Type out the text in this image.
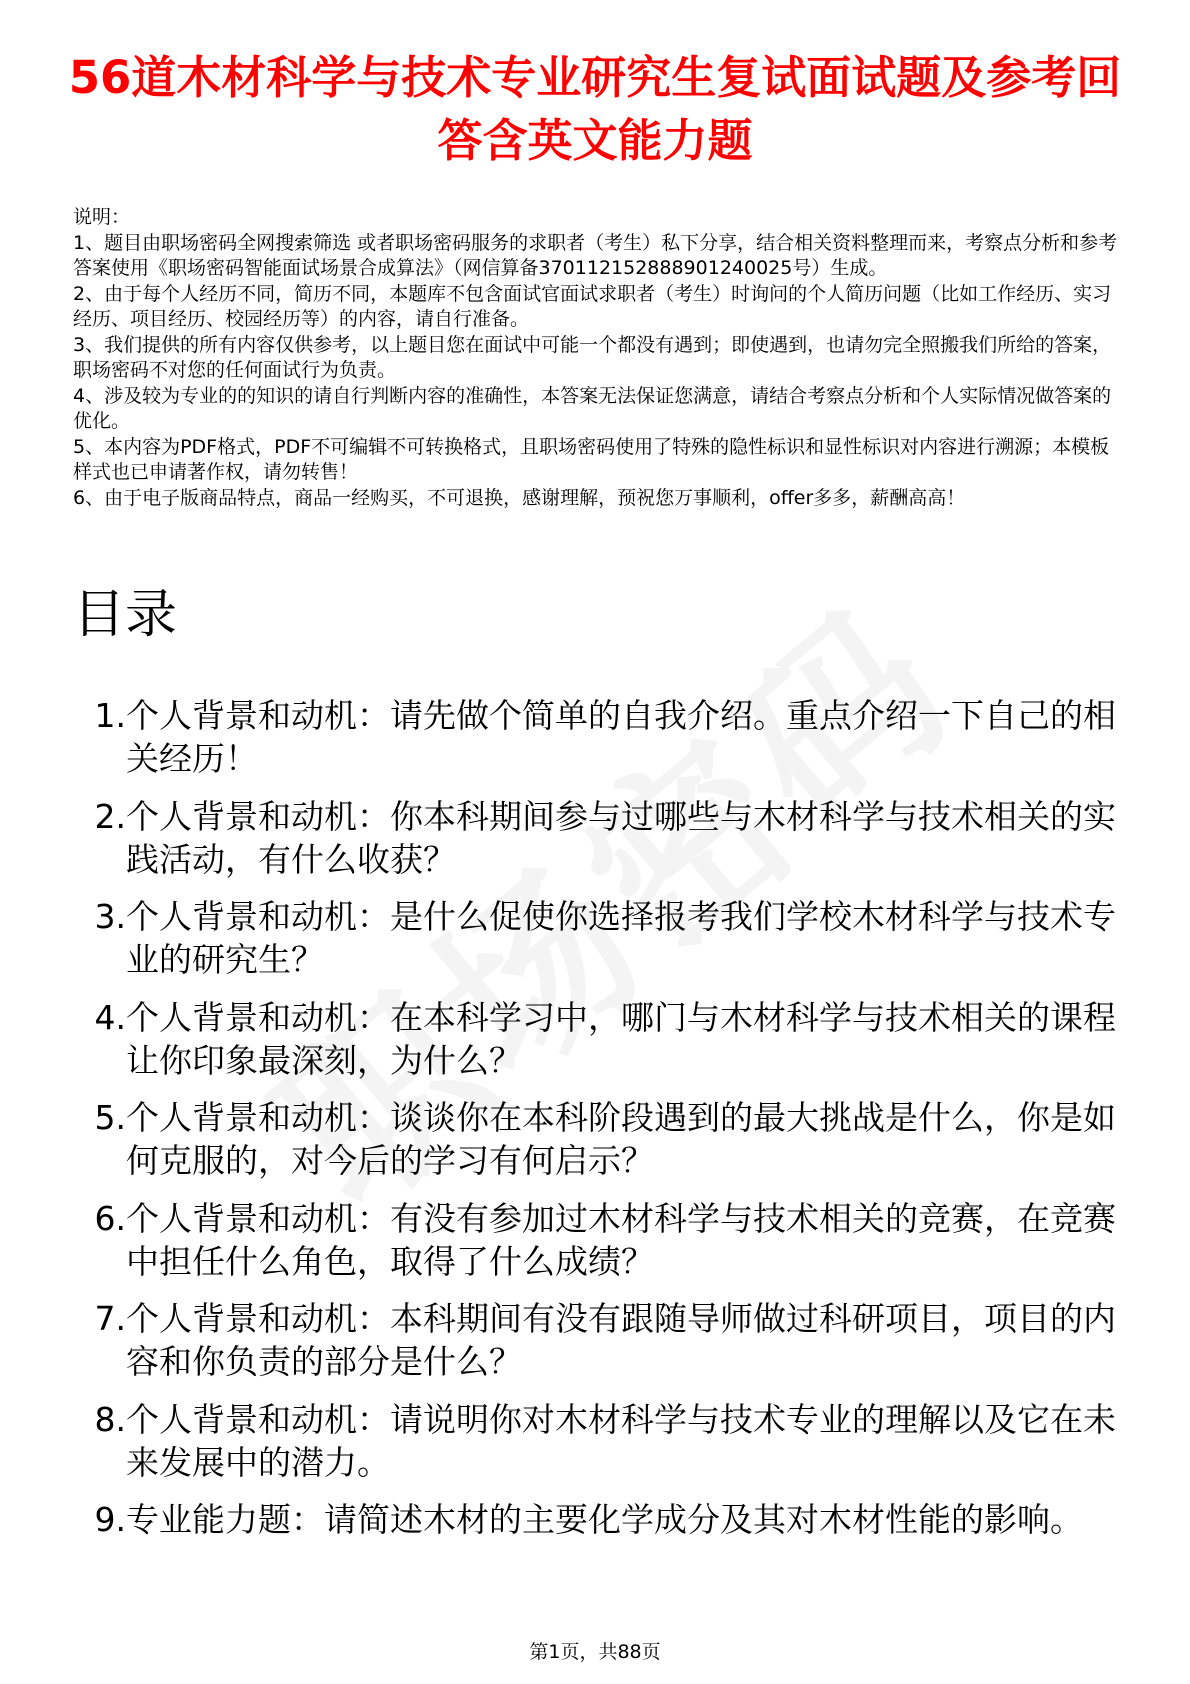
56道木材科学与技术专业研究生复试面试题及参考回答含英文能力题

说明：

1、题目由职场密码全网搜索筛选 或者职场密码服务的求职者（考生）私下分享，结合相关资料整理而来，考察点分析和参考答案使用《职场密码智能面试场景合成算法》（网信算备370112152888901240025号）生成。

2、由于每个人经历不同，简历不同，本题库不包含面试官面试求职者（考生）时询问的个人简历问题（比如工作经历、实习经历、项目经历、校园经历等）的内容，请自行准备。

3、我们提供的所有内容仅供参考，以上题目您在面试中可能一个都没有遇到；即使遇到，也请勿完全照搬我们所给的答案，职场密码不对您的任何面试行为负责。

4、涉及较为专业的的知识的请自行判断内容的准确性，本答案无法保证您满意，请结合考察点分析和个人实际情况做答案的优化。

5、本内容为PDF格式，PDF不可编辑不可转换格式，且职场密码使用了特殊的隐性标识和显性标识对内容进行溯源；本模板样式也已申请著作权，请勿转售！

6、由于电子版商品特点，商品一经购买，不可退换，感谢理解，预祝您万事顺利，offer多多，薪酬高高！

目录
1. 个人背景和动机：请先做个简单的自我介绍。重点介绍一下自己的相关经历！
2. 个人背景和动机：你本科期间参与过哪些与木材科学与技术相关的实践活动，有什么收获？
3. 个人背景和动机：是什么促使你选择报考我们学校木材科学与技术专业的研究生？
4. 个人背景和动机：在本科学习中，哪门与木材科学与技术相关的课程让你印象最深刻，为什么？
5. 个人背景和动机：谈谈你在本科阶段遇到的最大挑战是什么，你是如何克服的，对今后的学习有何启示？
6. 个人背景和动机：有没有参加过木材科学与技术相关的竞赛，在竞赛中担任什么角色，取得了什么成绩？
7. 个人背景和动机：本科期间有没有跟随导师做过科研项目，项目的内容和你负责的部分是什么？
8. 个人背景和动机：请说明你对木材科学与技术专业的理解以及它在未来发展中的潜力。
9. 专业能力题：请简述木材的主要化学成分及其对木材性能的影响。
第1页，共88页
